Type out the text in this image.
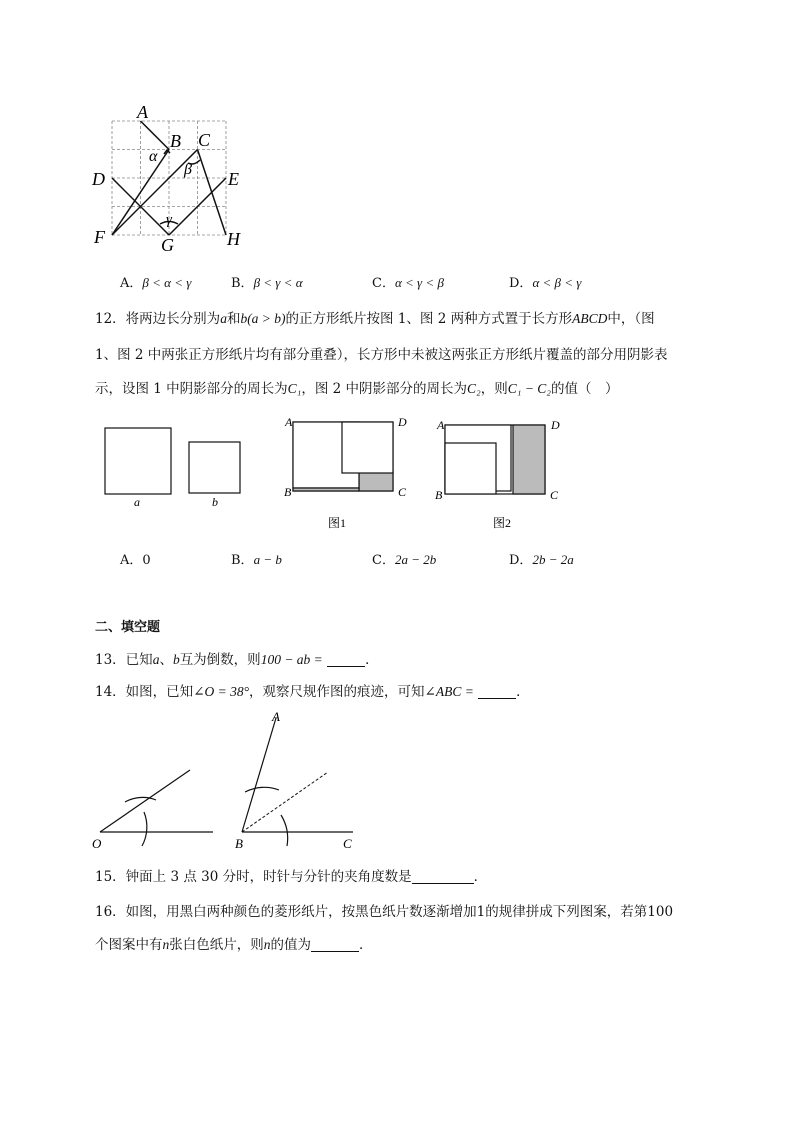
A
B C
D	E
F	G	H
α
β
γ
A．β < α < γ	B．β < γ < α	C．α < γ < β	D．α < β < γ
12．将两边长分别为a和b(a > b)的正方形纸片按图 1、图 2 两种方式置于长方形ABCD中，（图
1、图 2 中两张正方形纸片均有部分重叠），长方形中未被这两张正方形纸片覆盖的部分用阴影表
示，设图 1 中阴影部分的周长为C₁，图 2 中阴影部分的周长为C₂，则C₁ − C₂的值（　）
a	b
A	D
B	C
图1
A	D
B	C
图2
A．0	B．a − b	C．2a − 2b	D．2b − 2a
二、填空题
13．已知a、b互为倒数，则100 − ab =	．
14．如图，已知∠O = 38°，观察尺规作图的痕迹，可知∠ABC =	．
O
A
B	C
15．钟面上 3 点 30 分时，时针与分针的夹角度数是	．
16．如图，用黑白两种颜色的菱形纸片，按黑色纸片数逐渐增加1的规律拼成下列图案，若第100
个图案中有n张白色纸片，则n的值为	．
